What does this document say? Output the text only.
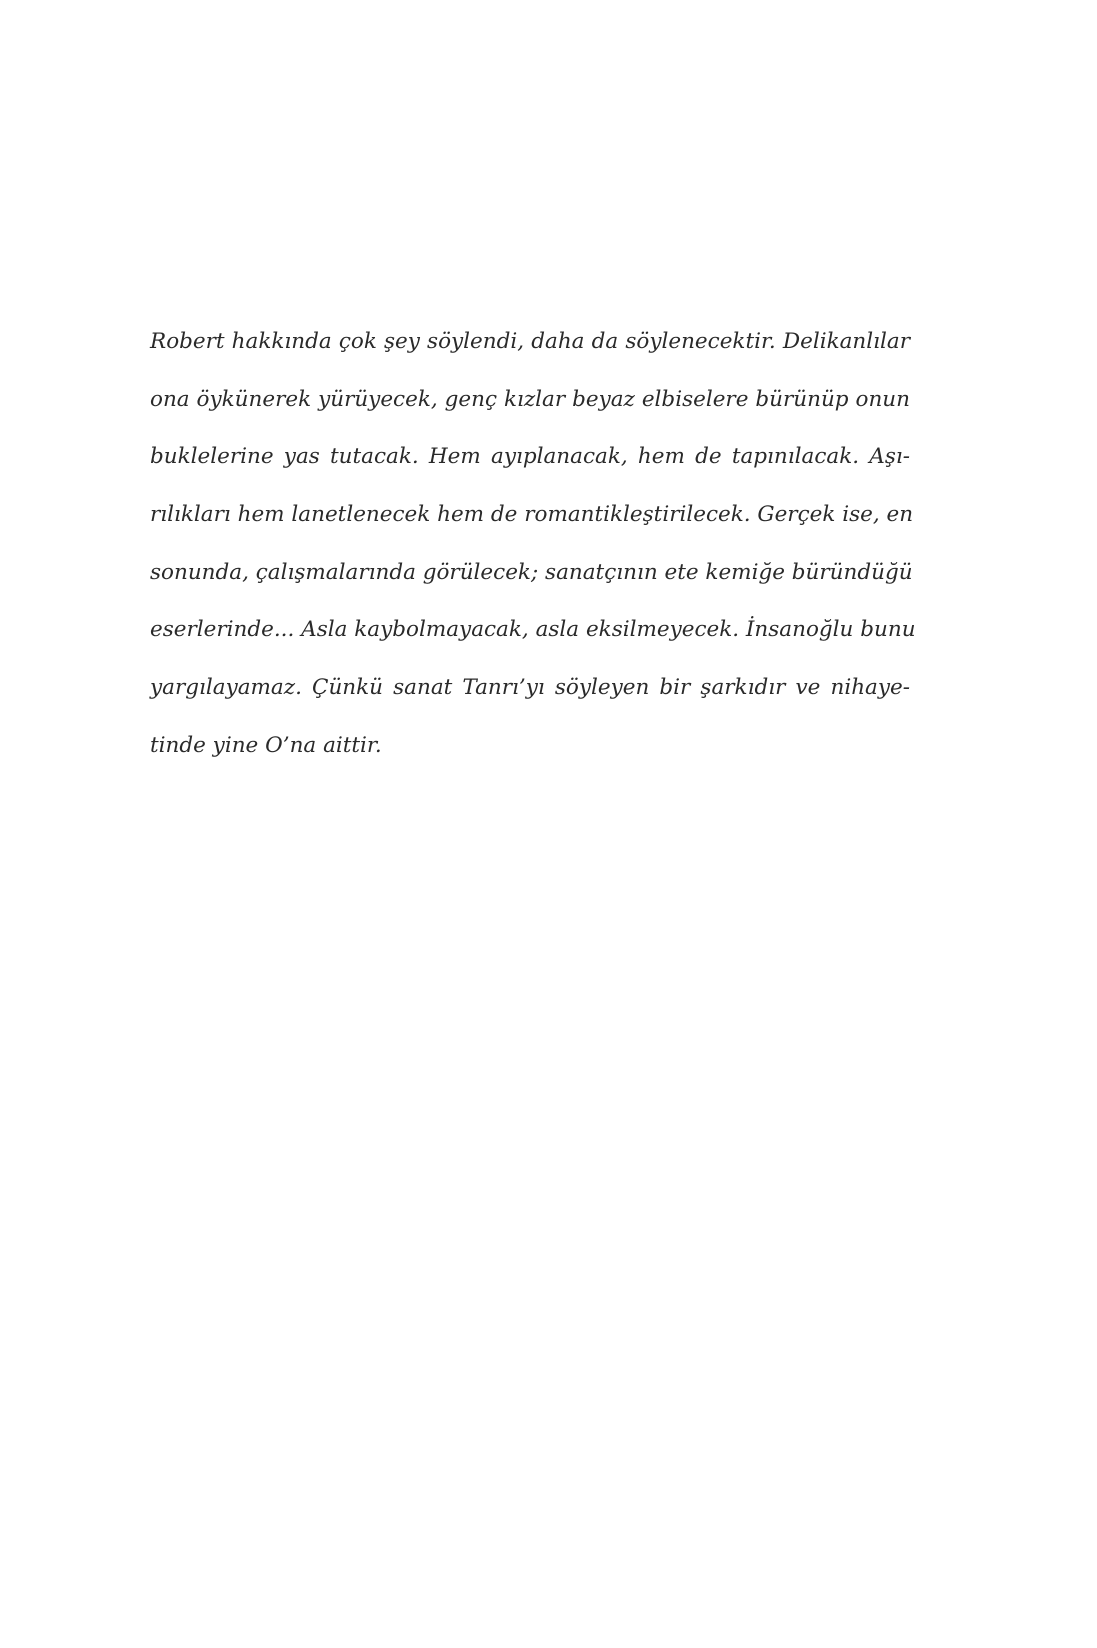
Robert hakkında çok şey söylendi, daha da söylenecektir. Delikanlılar
ona öykünerek yürüyecek, genç kızlar beyaz elbiselere bürünüp onun
buklelerine yas tutacak. Hem ayıplanacak, hem de tapınılacak. Aşı-
rılıkları hem lanetlenecek hem de romantikleştirilecek. Gerçek ise, en
sonunda, çalışmalarında görülecek; sanatçının ete kemiğe büründüğü
eserlerinde... Asla kaybolmayacak, asla eksilmeyecek. İnsanoğlu bunu
yargılayamaz. Çünkü sanat Tanrı’yı söyleyen bir şarkıdır ve nihaye-
tinde yine O’na aittir.
